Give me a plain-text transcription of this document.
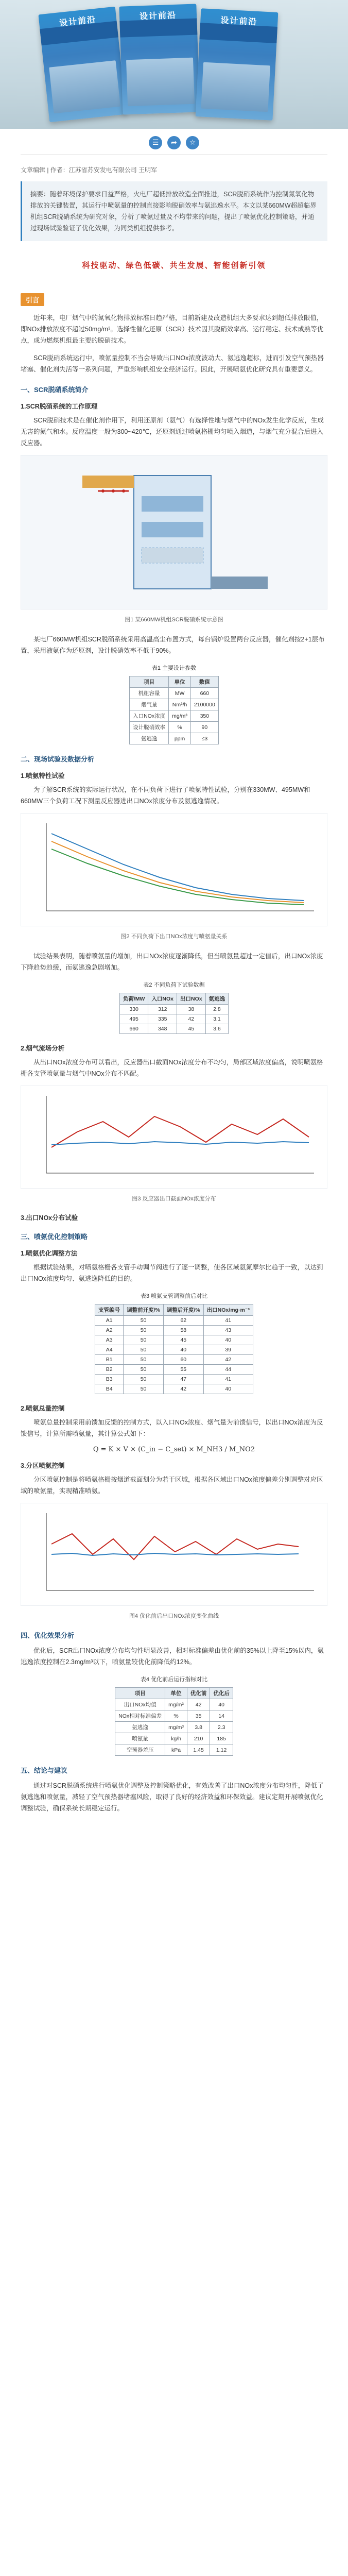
设计前沿	设计前沿	设计前沿
☰	➦	☆
文章编辑 | 作者：江苏省苏安发电有限公司 王明军
摘要：随着环境保护要求日益严格，火电厂超低排放改造全面推进，SCR脱硝系统作为控制氮氧化物排放的关键装置，其运行中喷氨量的控制直接影响脱硝效率与氨逃逸水平。本文以某660MW超超临界机组SCR脱硝系统为研究对象，分析了喷氨过量及不均带来的问题，提出了喷氨优化控制策略，并通过现场试验验证了优化效果，为同类机组提供参考。
科技驱动、绿色低碳、共生发展、智能创新引领
引言

近年来，电厂烟气中的氮氧化物排放标准日趋严格，目前新建及改造机组大多要求达到超低排放限值，即NOx排放浓度不超过50mg/m³。选择性催化还原（SCR）技术因其脱硝效率高、运行稳定、技术成熟等优点，成为燃煤机组最主要的脱硝技术。

SCR脱硝系统运行中，喷氨量控制不当会导致出口NOx浓度波动大、氨逃逸超标，进而引发空气预热器堵塞、催化剂失活等一系列问题，严重影响机组安全经济运行。因此，开展喷氨优化研究具有重要意义。

一、SCR脱硝系统简介
1.SCR脱硝系统的工作原理

SCR脱硝技术是在催化剂作用下，利用还原剂（氨气）有选择性地与烟气中的NOx发生化学反应，生成无害的氮气和水。反应温度一般为300~420℃，还原剂通过喷氨格栅均匀喷入烟道，与烟气充分混合后进入反应器。

图1 某660MW机组SCR脱硝系统示意图

某电厂660MW机组SCR脱硝系统采用高温高尘布置方式，每台锅炉设置两台反应器，催化剂按2+1层布置，采用液氨作为还原剂，设计脱硝效率不低于90%。

表1 主要设计参数
项目	单位	数值
机组容量	MW	660
烟气量	Nm³/h	2100000
入口NOx浓度	mg/m³	350
设计脱硝效率	%	90
氨逃逸	ppm	≤3
二、现场试验及数据分析
1.喷氨特性试验

为了解SCR系统的实际运行状况，在不同负荷下进行了喷氨特性试验，分别在330MW、495MW和660MW三个负荷工况下测量反应器进出口NOx浓度分布及氨逃逸情况。

图2 不同负荷下出口NOx浓度与喷氨量关系

试验结果表明，随着喷氨量的增加，出口NOx浓度逐渐降低，但当喷氨量超过一定值后，出口NOx浓度下降趋势趋缓，而氨逃逸急剧增加。

表2 不同负荷下试验数据
负荷/MW	入口NOx	出口NOx	氨逃逸
330	312	38	2.8
495	335	42	3.1
660	348	45	3.6
2.烟气流场分析

从出口NOx浓度分布可以看出，反应器出口截面NOx浓度分布不均匀，局部区域浓度偏高，说明喷氨格栅各支管喷氨量与烟气中NOx分布不匹配。

图3 反应器出口截面NOx浓度分布
3.出口NOx分布试验
三、喷氨优化控制策略
1.喷氨优化调整方法

根据试验结果，对喷氨格栅各支管手动调节阀进行了逐一调整，使各区域氨氮摩尔比趋于一致，以达到出口NOx浓度均匀、氨逃逸降低的目的。

表3 喷氨支管调整前后对比
支管编号	调整前开度/%	调整后开度/%	出口NOx/mg·m⁻³
A1	50	62	41
A2	50	58	43
A3	50	45	40
A4	50	40	39
B1	50	60	42
B2	50	55	44
B3	50	47	41
B4	50	42	40
2.喷氨总量控制

喷氨总量控制采用前馈加反馈的控制方式，以入口NOx浓度、烟气量为前馈信号，以出口NOx浓度为反馈信号，计算所需喷氨量，其计算公式如下：

Q = K × V × (C_in − C_set) × M_NH3 / M_NO2
3.分区喷氨控制

分区喷氨控制是将喷氨格栅按烟道截面划分为若干区域，根据各区域出口NOx浓度偏差分别调整对应区域的喷氨量，实现精准喷氨。

图4 优化前后出口NOx浓度变化曲线
四、优化效果分析

优化后，SCR出口NOx浓度分布均匀性明显改善，相对标准偏差由优化前的35%以上降至15%以内，氨逃逸浓度控制在2.3mg/m³以下，喷氨量较优化前降低约12%。

表4 优化前后运行指标对比
项目	单位	优化前	优化后
出口NOx均值	mg/m³	42	40
NOx相对标准偏差	%	35	14
氨逃逸	mg/m³	3.8	2.3
喷氨量	kg/h	210	185
空预器差压	kPa	1.45	1.12
五、结论与建议

通过对SCR脱硝系统进行喷氨优化调整及控制策略优化，有效改善了出口NOx浓度分布均匀性，降低了氨逃逸和喷氨量，减轻了空气预热器堵塞风险，取得了良好的经济效益和环保效益。建议定期开展喷氨优化调整试验，确保系统长期稳定运行。
